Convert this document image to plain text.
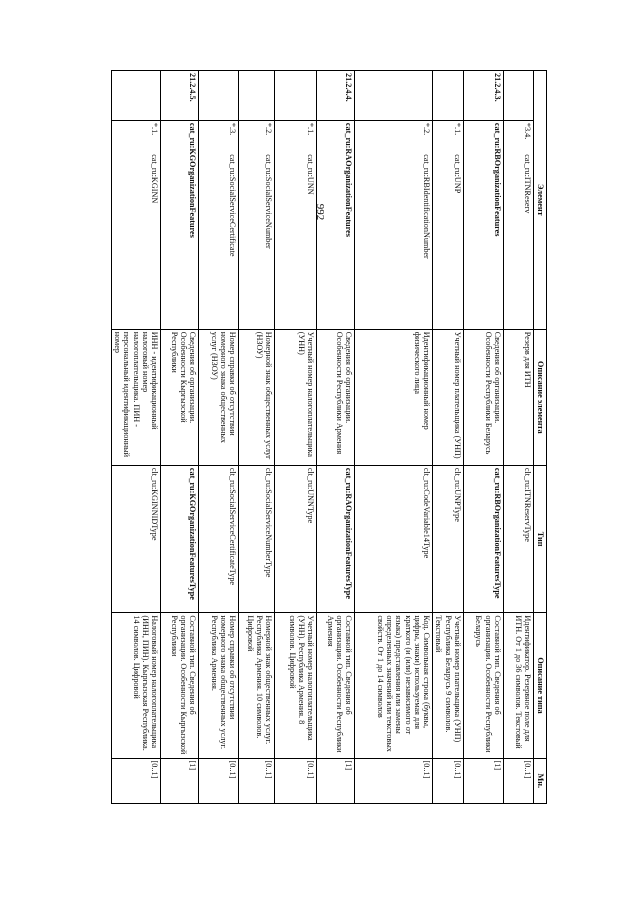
992	Элемент			Описание элемента	Тип	Описание типа	Мн.
	*3.4.	cat_ru:ITNReserv	Резерв для ИТН	clt_ru:ITNReservType	Идентификатор. Резервное поле для ИТН. От 1 до 36 символов. Текстовый	[0..1]
21.2.4.3.	cat_ru:RBOrganizationFeatures		Сведения об организации. Особенности Республики Беларусь	cat_ru:RBOrganizationFeaturesType	Составной тип. Сведения об организации. Особенности Республики Беларусь	[1]
	*.1.	cat_ru:UNP	Учетный номер плательщика (УНП)	clt_ru:UNPType	Учетный номер плательщика (УНП) Республика Беларусь 9 символов. Текстовый	[0..1]
	*.2.	cat_ru:RBIdentificationNumber	Идентификационный номер физического лица	clt_ru:CodeVariable14Type	Код. Символьная строка (буквы, цифры, знаки) используемая для краткого (и (или) независимого от языка) представления или замены определенных значений или текстовых свойств. От 1 до 14 символов	[0..1]
21.2.4.4.	cat_ru:RAOrganizationFeatures		Сведения об организации. Особенности Республики Армения	cat_ru:RAOrganizationFeaturesType	Составной тип. Сведения об организации. Особенности Республики Армения	[1]
	*.1.	cat_ru:UNN	Учетный номер налогоплательщика (УНН)	clt_ru:UNNType	Учетный номер налогоплательщика (УНН). Республика Армения. 8 символов. Цифровой	[0..1]
	*.2.	cat_ru:SocialServiceNumber	Номерной знак общественных услуг (НЗОУ)	clt_ru:SocialServiceNumberType	Номерной знак общественных услуг. Республика Армения. 10 символов. Цифровой	[0..1]
	*.3.	cat_ru:SocialServiceCertificate	Номер справки об отсутствии номерного знака общественных услуг (НЗОУ)	clt_ru:SocialServiceCertificateType	Номер справки об отсутствии номерного знака общественных услуг. Республика Армения.	[0..1]
21.2.4.5.	cat_ru:KGOrganizationFeatures		Сведения об организации. Особенности Кыргызской Республики	cat_ru:KGOrganizationFeaturesType	Составной тип. Сведения об организации. Особенности Кыргызской Республики	[1]
	*.1.	cat_ru:KGINN	ИНН - идентификационный налоговый номер налогоплательщика. ПИН - персональный идентификационный номер	clt_ru:KGINNIDType	Налоговый номер налогоплательщика (ИНН, ПИН). Кыргызская Республика. 14 символов. Цифровой	[0..1]
